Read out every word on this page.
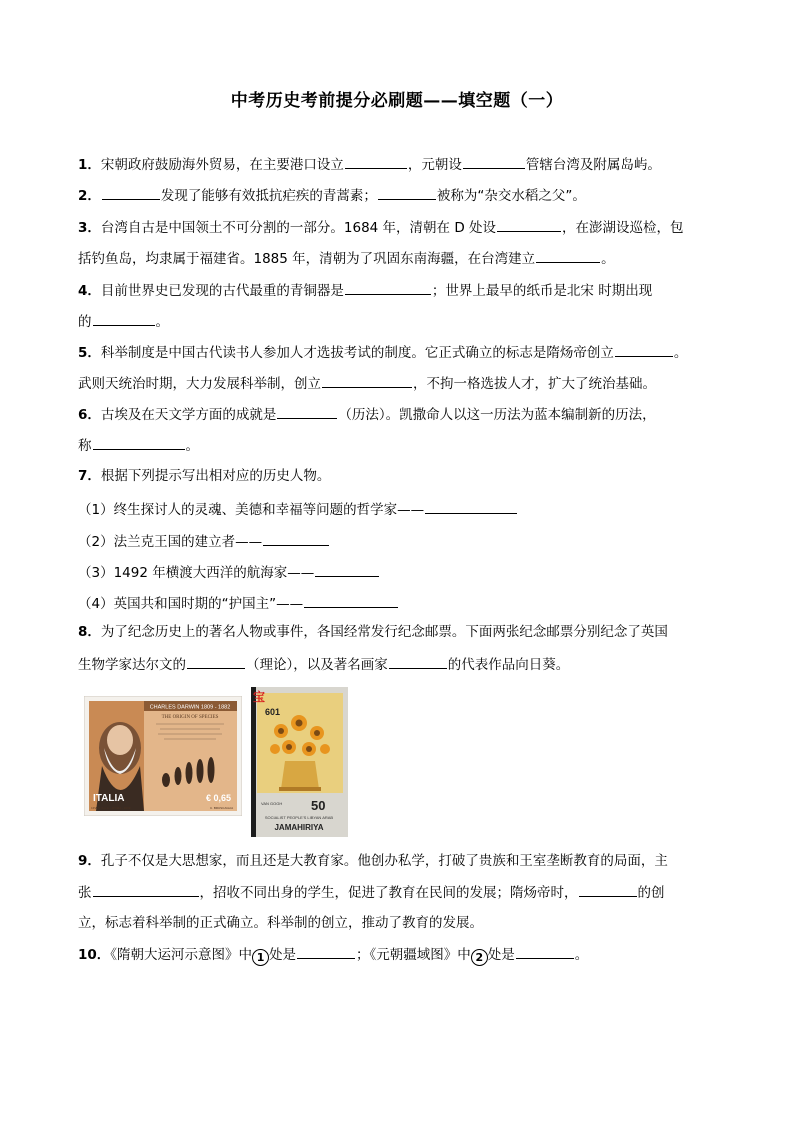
中考历史考前提分必刷题——填空题（一）
1．宋朝政府鼓励海外贸易，在主要港口设立	，元朝设	管辖台湾及附属岛屿。
2．	发现了能够有效抵抗疟疾的青蒿素；	被称为“杂交水稻之父”。
3．台湾自古是中国领土不可分割的一部分。1684 年，清朝在 D 处设	，在澎湖设巡检，包
括钓鱼岛，均隶属于福建省。1885 年，清朝为了巩固东南海疆，在台湾建立	。
4．目前世界史已发现的古代最重的青铜器是	；世界上最早的纸币是北宋 时期出现
的	。
5．科举制度是中国古代读书人参加人才选拔考试的制度。它正式确立的标志是隋炀帝创立	。
武则天统治时期，大力发展科举制，创立	，不拘一格选拔人才，扩大了统治基础。
6．古埃及在天文学方面的成就是	（历法）。凯撒命人以这一历法为蓝本编制新的历法，
称	。
7．根据下列提示写出相对应的历史人物。
（1）终生探讨人的灵魂、美德和幸福等问题的哲学家——
（2）法兰克王国的建立者——
（3）1492 年横渡大西洋的航海家——
（4）英国共和国时期的“护国主”——
8．为了纪念历史上的著名人物或事件，各国经常发行纪念邮票。下面两张纪念邮票分别纪念了英国
生物学家达尔文的	（理论），以及著名画家	的代表作品向日葵。
CHARLES DARWIN 1809 - 1882
THE ORIGIN OF SPECIES
ITALIA	€ 0,65
I.P.Z.S. S.p.A. - ROMA - 2009	C. BRUSCAGLIA
宝
601
VAN GOGH 50
SOCIALIST PEOPLE'S LIBYAN ARAB
JAMAHIRIYA
9．孔子不仅是大思想家，而且还是大教育家。他创办私学，打破了贵族和王室垄断教育的局面，主
张	，招收不同出身的学生，促进了教育在民间的发展；隋炀帝时，	的创
立，标志着科举制的正式确立。科举制的创立，推动了教育的发展。
10．《隋朝大运河示意图》中 1 处是	；《元朝疆域图》中 2 处是	。
